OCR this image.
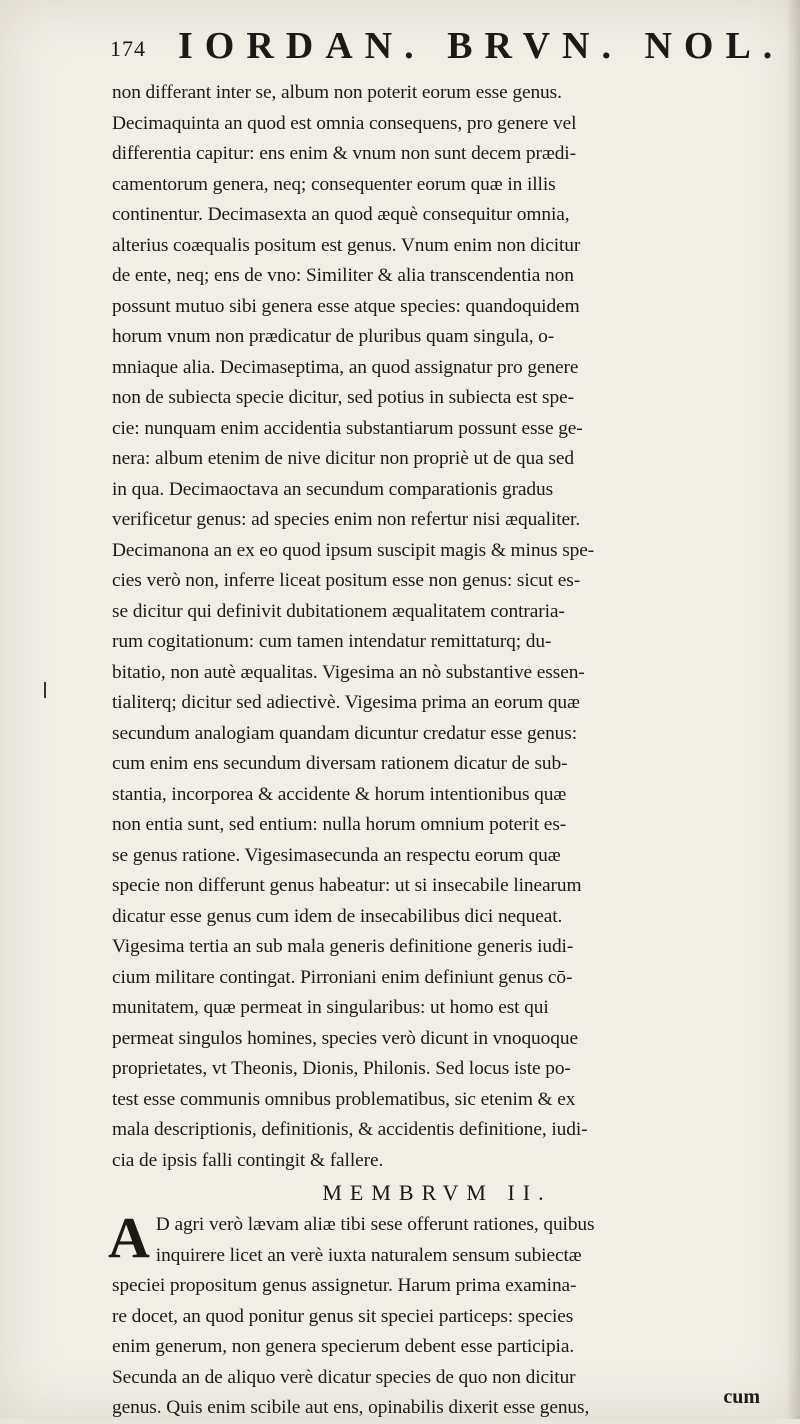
174 IORDAN. BRVN. NOL.
non differant inter se, album non poterit eorum esse genus.
Decimaquinta an quod est omnia consequens, pro genere vel
differentia capitur: ens enim & vnum non sunt decem prædi-
camentorum genera, neq; consequenter eorum quæ in illis
continentur. Decimasexta an quod æquè consequitur omnia,
alterius coæqualis positum est genus. Vnum enim non dicitur
de ente, neq; ens de vno: Similiter & alia transcendentia non
possunt mutuo sibi genera esse atque species: quandoquidem
horum vnum non prædicatur de pluribus quam singula, o-
mniaque alia. Decimaseptima, an quod assignatur pro genere
non de subiecta specie dicitur, sed potius in subiecta est spe-
cie: nunquam enim accidentia substantiarum possunt esse ge-
nera: album etenim de nive dicitur non propriè ut de qua sed
in qua. Decimaoctava an secundum comparationis gradus
verificetur genus: ad species enim non refertur nisi æqualiter.
Decimanona an ex eo quod ipsum suscipit magis & minus spe-
cies verò non, inferre liceat positum esse non genus: sicut es-
se dicitur qui definivit dubitationem æqualitatem contraria-
rum cogitationum: cum tamen intendatur remittaturq; du-
bitatio, non autè æqualitas. Vigesima an nò substantive essen-
tialiterq; dicitur sed adiectivè. Vigesima prima an eorum quæ
secundum analogiam quandam dicuntur credatur esse genus:
cum enim ens secundum diversam rationem dicatur de sub-
stantia, incorporea & accidente & horum intentionibus quæ
non entia sunt, sed entium: nulla horum omnium poterit es-
se genus ratione. Vigesimasecunda an respectu eorum quæ
specie non differunt genus habeatur: ut si insecabile linearum
dicatur esse genus cum idem de insecabilibus dici nequeat.
Vigesima tertia an sub mala generis definitione generis iudi-
cium militare contingat. Pirroniani enim definiunt genus cō-
munitatem, quæ permeat in singularibus: ut homo est qui
permeat singulos homines, species verò dicunt in vnoquoque
proprietates, vt Theonis, Dionis, Philonis. Sed locus iste po-
test esse communis omnibus problematibus, sic etenim & ex
mala descriptionis, definitionis, & accidentis definitione, iudi-
cia de ipsis falli contingit & fallere.
MEMBRVM II.
A D agri verò lævam aliæ tibi sese offerunt rationes, quibus
inquirere licet an verè iuxta naturalem sensum subiectæ
speciei propositum genus assignetur. Harum prima examina-
re docet, an quod ponitur genus sit speciei particeps: species
enim generum, non genera specierum debent esse participia.
Secunda an de aliquo verè dicatur species de quo non dicitur
genus. Quis enim scibile aut ens, opinabilis dixerit esse genus,	cum
